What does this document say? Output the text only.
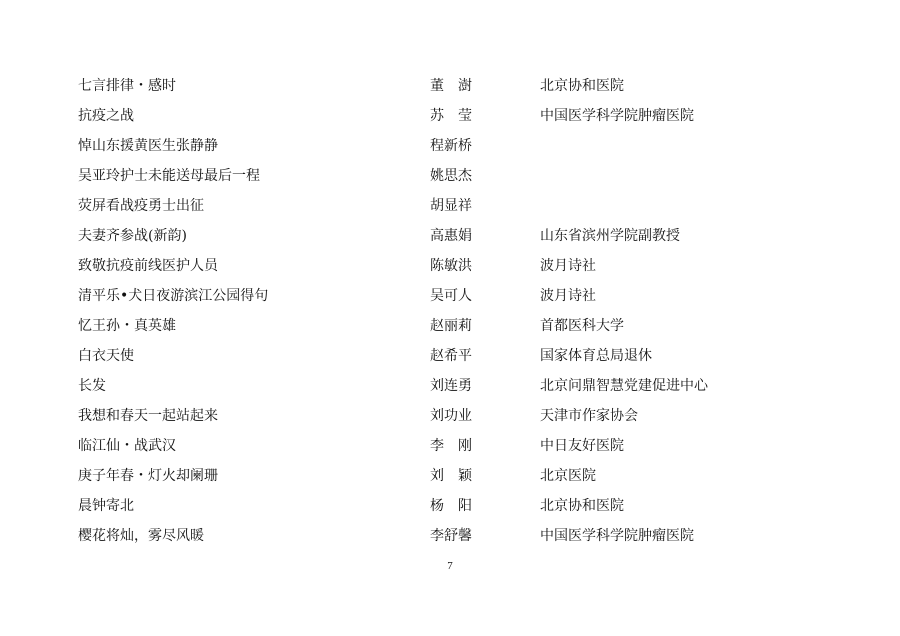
七言排律・感时	董　澍	北京协和医院
抗疫之战	苏　莹	中国医学科学院肿瘤医院
悼山东援黄医生张静静	程新桥
吴亚玲护士未能送母最后一程	姚思杰
荧屏看战疫勇士出征	胡显祥
夫妻齐参战(新韵)	高惠娟	山东省滨州学院副教授
致敬抗疫前线医护人员	陈敏洪	波月诗社
清平乐•犬日夜游滨江公园得句	吴可人	波月诗社
忆王孙・真英雄	赵丽莉	首都医科大学
白衣天使	赵希平	国家体育总局退休
长发	刘连勇	北京问鼎智慧党建促进中心
我想和春天一起站起来	刘功业	天津市作家协会
临江仙・战武汉	李　刚	中日友好医院
庚子年春・灯火却阑珊	刘　颖	北京医院
晨钟寄北	杨　阳	北京协和医院
樱花将灿，雾尽风暖	李舒馨	中国医学科学院肿瘤医院
7
